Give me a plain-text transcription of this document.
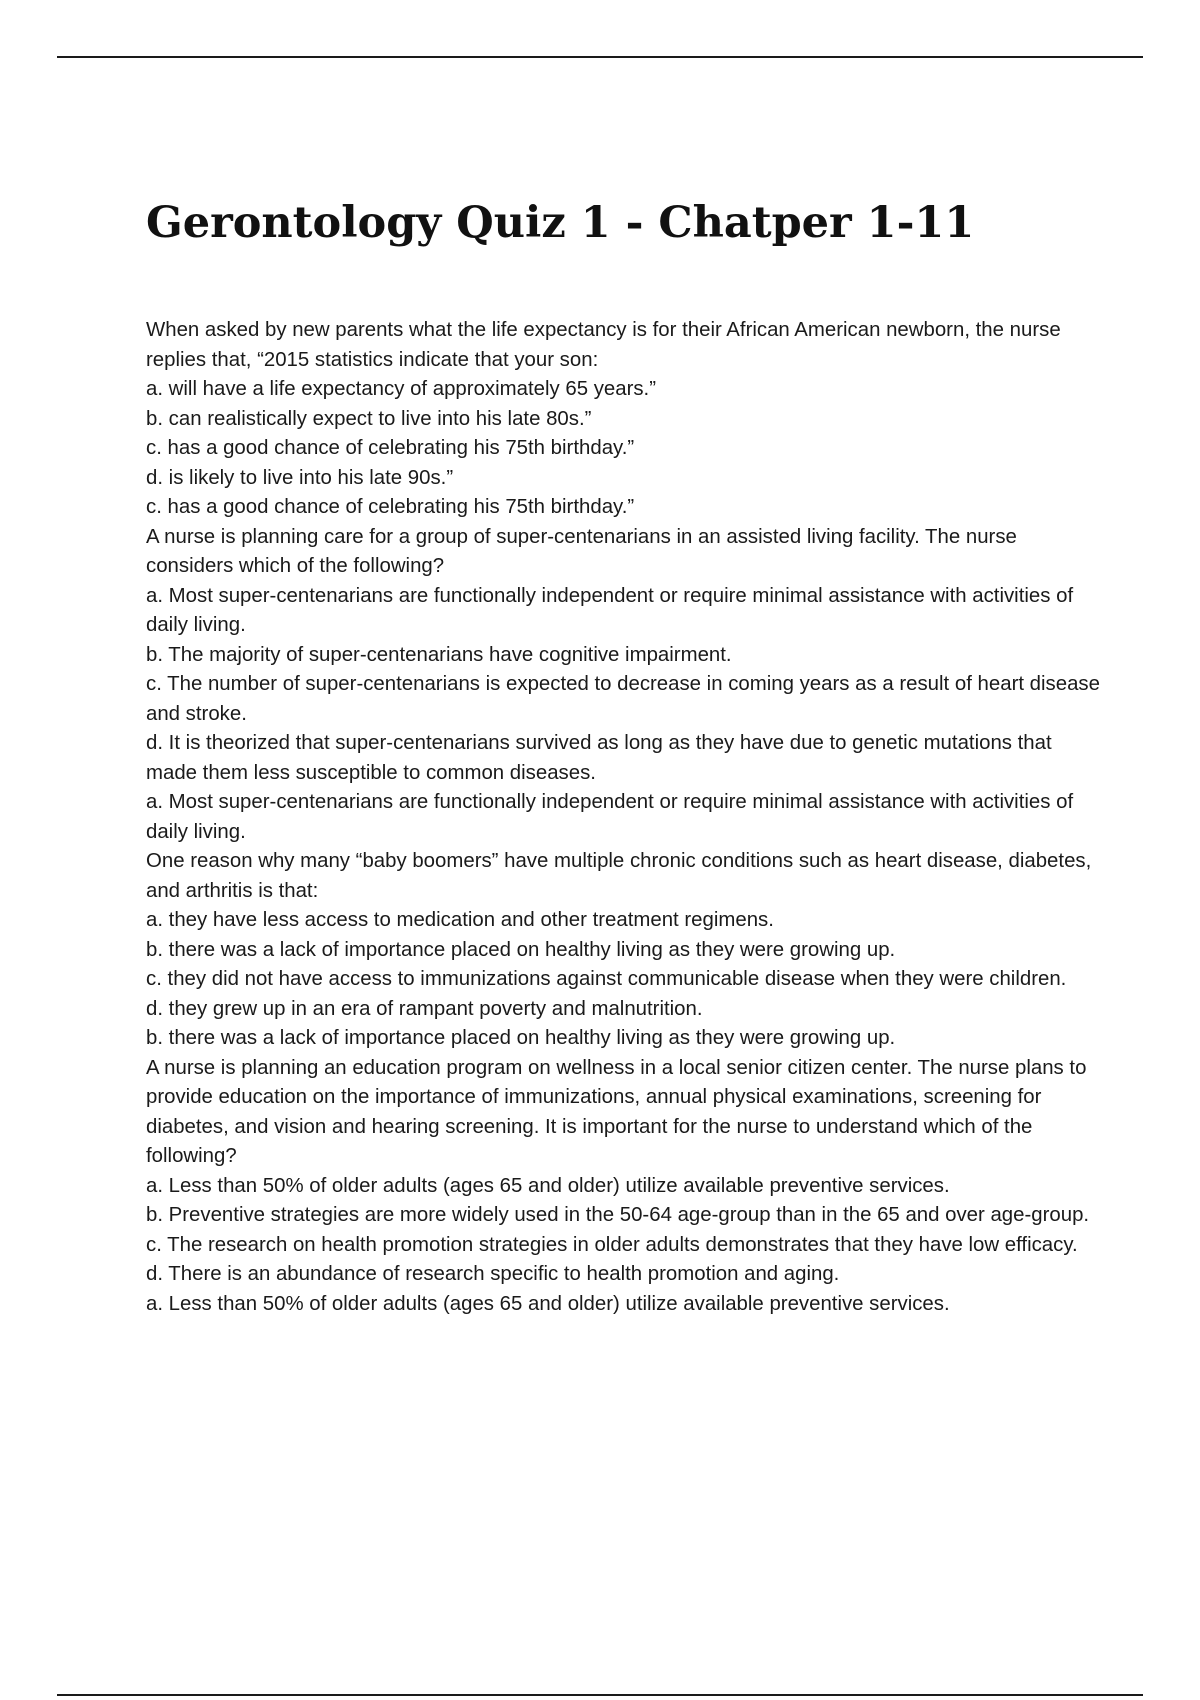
Gerontology Quiz 1 - Chatper 1-11

When asked by new parents what the life expectancy is for their African American newborn, the nurse replies that, “2015 statistics indicate that your son:

a. will have a life expectancy of approximately 65 years.”

b. can realistically expect to live into his late 80s.”

c. has a good chance of celebrating his 75th birthday.”

d. is likely to live into his late 90s.”

c. has a good chance of celebrating his 75th birthday.”

A nurse is planning care for a group of super-centenarians in an assisted living facility. The nurse considers which of the following?

a. Most super-centenarians are functionally independent or require minimal assistance with activities of daily living.

b. The majority of super-centenarians have cognitive impairment.

c. The number of super-centenarians is expected to decrease in coming years as a result of heart disease and stroke.

d. It is theorized that super-centenarians survived as long as they have due to genetic mutations that made them less susceptible to common diseases.

a. Most super-centenarians are functionally independent or require minimal assistance with activities of daily living.

One reason why many “baby boomers” have multiple chronic conditions such as heart disease, diabetes, and arthritis is that:

a. they have less access to medication and other treatment regimens.

b. there was a lack of importance placed on healthy living as they were growing up.

c. they did not have access to immunizations against communicable disease when they were children.

d. they grew up in an era of rampant poverty and malnutrition.

b. there was a lack of importance placed on healthy living as they were growing up.

A nurse is planning an education program on wellness in a local senior citizen center. The nurse plans to provide education on the importance of immunizations, annual physical examinations, screening for diabetes, and vision and hearing screening. It is important for the nurse to understand which of the following?

a. Less than 50% of older adults (ages 65 and older) utilize available preventive services.

b. Preventive strategies are more widely used in the 50-64 age-group than in the 65 and over age-group.

c. The research on health promotion strategies in older adults demonstrates that they have low efficacy.

d. There is an abundance of research specific to health promotion and aging.

a. Less than 50% of older adults (ages 65 and older) utilize available preventive services.
